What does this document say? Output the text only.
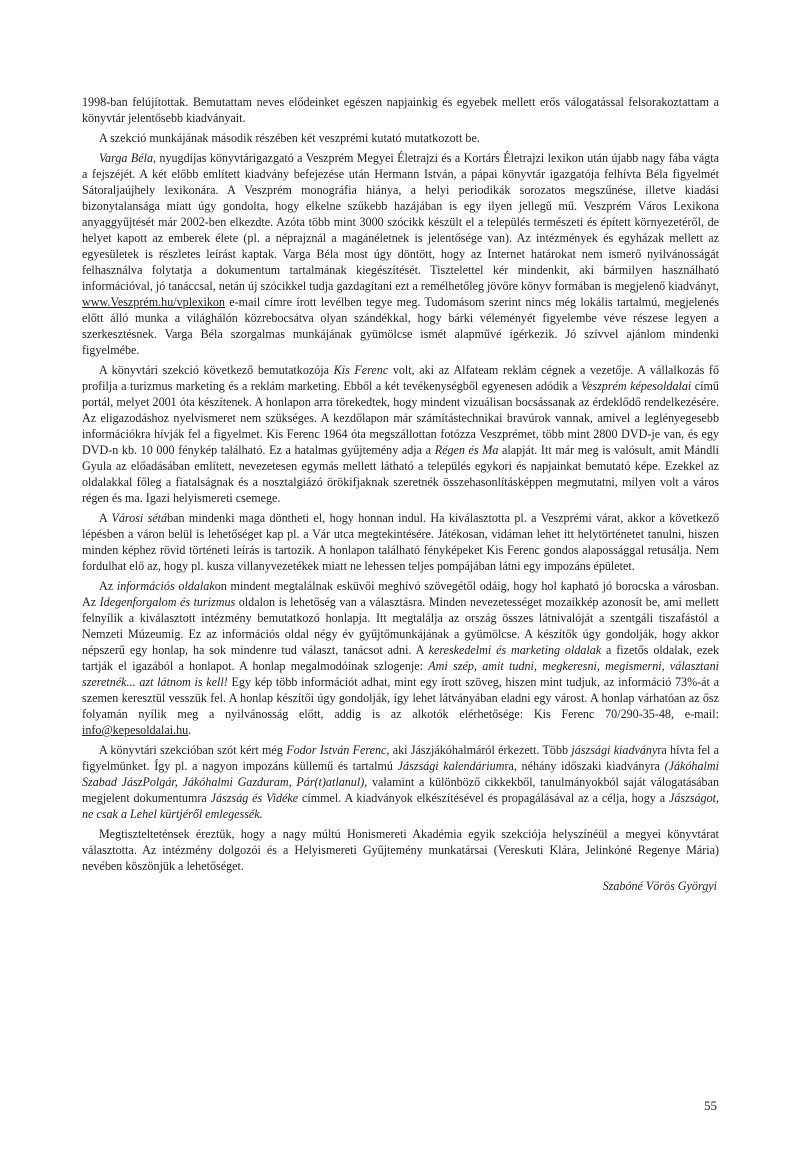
1998-ban felújítottak. Bemutattam neves elődeinket egészen napjainkig és egyebek mellett erős válogatással felsorakoztattam a könyvtár jelentősebb kiadványait.

A szekció munkájának második részében két veszprémi kutató mutatkozott be.

Varga Béla, nyugdíjas könyvtárigazgató a Veszprém Megyei Életrajzi és a Kortárs Életrajzi lexikon után újabb nagy fába vágta a fejszéjét. A két előbb említett kiadvány befejezése után Hermann István, a pápai könyvtár igazgatója felhívta Béla figyelmét Sátoraljaújhely lexikonára. A Veszprém monográfia hiánya, a helyi periodikák sorozatos megszűnése, illetve kiadási bizonytalansága miatt úgy gondolta, hogy elkelne szűkebb hazájában is egy ilyen jellegű mű. Veszprém Város Lexikona anyaggyűjtését már 2002-ben elkezdte. Azóta több mint 3000 szócikk készült el a település természeti és épített környezetéről, de helyet kapott az emberek élete (pl. a néprajznál a magánéletnek is jelentősége van). Az intézmények és egyházak mellett az egyesületek is részletes leírást kaptak. Varga Béla most úgy döntött, hogy az Internet határokat nem ismerő nyilvánosságát felhasználva folytatja a dokumentum tartalmának kiegészítését. Tisztelettel kér mindenkit, aki bármilyen használható információval, jó tanáccsal, netán új szócikkel tudja gazdagítani ezt a remélhetőleg jövőre könyv formában is megjelenő kiadványt, www.Veszprém.hu/vplexikon e-mail címre írott levélben tegye meg. Tudomásom szerint nincs még lokális tartalmú, megjelenés előtt álló munka a világhálón közrebocsátva olyan szándékkal, hogy bárki véleményét figyelembe véve részese legyen a szerkesztésnek. Varga Béla szorgalmas munkájának gyümölcse ismét alapművé ígérkezik. Jó szívvel ajánlom mindenki figyelmébe.

A könyvtári szekció következő bemutatkozója Kis Ferenc volt, aki az Alfateam reklám cégnek a vezetője. A vállalkozás fő profilja a turizmus marketing és a reklám marketing. Ebből a két tevékenységből egyenesen adódik a Veszprém képesoldalai című portál, melyet 2001 óta készítenek. A honlapon arra törekedtek, hogy mindent vizuálisan bocsássanak az érdeklődő rendelkezésére. Az eligazodáshoz nyelvismeret nem szükséges. A kezdőlapon már számítástechnikai bravúrok vannak, amivel a leglényegesebb információkra hívják fel a figyelmet. Kis Ferenc 1964 óta megszállottan fotózza Veszprémet, több mint 2800 DVD-je van, és egy DVD-n kb. 10 000 fénykép található. Ez a hatalmas gyűjtemény adja a Régen és Ma alapját. Itt már meg is valósult, amit Mándli Gyula az előadásában említett, nevezetesen egymás mellett látható a település egykori és napjainkat bemutató képe. Ezekkel az oldalakkal főleg a fiatalságnak és a nosztalgiázó örökifjaknak szeretnék összehasonlításképpen megmutatni, milyen volt a város régen és ma. Igazi helyismereti csemege.

A Városi sétában mindenki maga döntheti el, hogy honnan indul. Ha kiválasztotta pl. a Veszprémi várat, akkor a következő lépésben a váron belül is lehetőséget kap pl. a Vár utca megtekintésére. Játékosan, vidáman lehet itt helytörténetet tanulni, hiszen minden képhez rövid történeti leírás is tartozik. A honlapon található fényképeket Kis Ferenc gondos alapossággal retusálja. Nem fordulhat elő az, hogy pl. kusza villanyvezetékek miatt ne lehessen teljes pompájában látni egy impozáns épületet.

Az információs oldalakon mindent megtalálnak esküvői meghívó szövegétől odáig, hogy hol kapható jó borocska a városban. Az Idegenforgalom és turizmus oldalon is lehetőség van a választásra. Minden nevezetességet mozaikkép azonosít be, ami mellett felnyílik a kiválasztott intézmény bemutatkozó honlapja. Itt megtalálja az ország összes látnivalóját a szentgáli tiszafástól a Nemzeti Múzeumig. Ez az információs oldal négy év gyűjtőmunkájának a gyümölcse. A készítők úgy gondolják, hogy akkor népszerű egy honlap, ha sok mindenre tud választ, tanácsot adni. A kereskedelmi és marketing oldalak a fizetős oldalak, ezek tartják el igazából a honlapot. A honlap megalmodóinak szlogenje: Ami szép, amit tudni, megkeresni, megismerni, választani szeretnék... azt látnom is kell! Egy kép több információt adhat, mint egy írott szöveg, hiszen mint tudjuk, az információ 73%-át a szemen keresztül vesszük fel. A honlap készítői úgy gondolják, így lehet látványában eladni egy várost. A honlap várhatóan az ősz folyamán nyílik meg a nyilvánosság előtt, addig is az alkotók elérhetősége: Kis Ferenc 70/290-35-48, e-mail: info@kepesoldalai.hu.

A könyvtári szekcióban szót kért még Fodor István Ferenc, aki Jászjákóhalmáról érkezett. Több jászsági kiadványra hívta fel a figyelmünket. Így pl. a nagyon impozáns küllemű és tartalmú Jászsági kalendáriumra, néhány időszaki kiadványra (Jákóhalmi Szabad JászPolgár, Jákóhalmi Gazduram, Pár(t)atlanul), valamint a különböző cikkekből, tanulmányokból saját válogatásában megjelent dokumentumra Jászság és Vidéke címmel. A kiadványok elkészítésével és propagálásával az a célja, hogy a Jászságot, ne csak a Lehel kürtjéről emlegessék.

Megtisztelteténsek éreztük, hogy a nagy múltú Honismereti Akadémia egyik szekciója helyszínéül a megyei könyvtárat választotta. Az intézmény dolgozói és a Helyismereti Gyűjtemény munkatársai (Vereskuti Klára, Jelinkóné Regenye Mária) nevében köszönjük a lehetőséget.

Szabóné Vörös Györgyi
55
